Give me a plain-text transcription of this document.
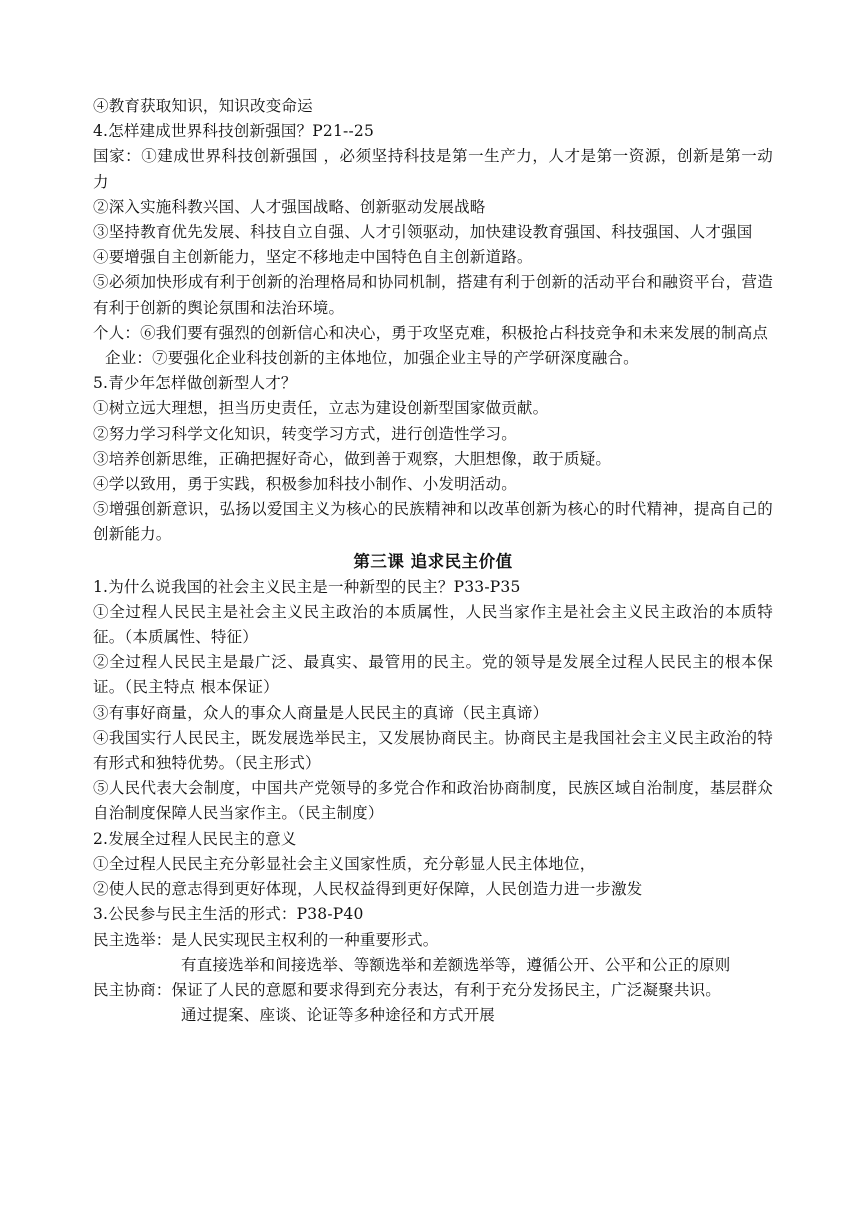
④教育获取知识，知识改变命运

4.怎样建成世界科技创新强国？P21--25

国家：①建成世界科技创新强国 ，必须坚持科技是第一生产力，人才是第一资源，创新是第一动力

②深入实施科教兴国、人才强国战略、创新驱动发展战略

③坚持教育优先发展、科技自立自强、人才引领驱动，加快建设教育强国、科技强国、人才强国

④要增强自主创新能力，坚定不移地走中国特色自主创新道路。

⑤必须加快形成有利于创新的治理格局和协同机制，搭建有利于创新的活动平台和融资平台，营造有利于创新的舆论氛围和法治环境。

个人：⑥我们要有强烈的创新信心和决心，勇于攻坚克难，积极抢占科技竞争和未来发展的制高点

企业：⑦要强化企业科技创新的主体地位，加强企业主导的产学研深度融合。

5.青少年怎样做创新型人才？

①树立远大理想，担当历史责任，立志为建设创新型国家做贡献。

②努力学习科学文化知识，转变学习方式，进行创造性学习。

③培养创新思维，正确把握好奇心，做到善于观察，大胆想像，敢于质疑。

④学以致用，勇于实践，积极参加科技小制作、小发明活动。

⑤增强创新意识，弘扬以爱国主义为核心的民族精神和以改革创新为核心的时代精神，提高自己的创新能力。

第三课 追求民主价值

1.为什么说我国的社会主义民主是一种新型的民主？P33-P35

①全过程人民民主是社会主义民主政治的本质属性，人民当家作主是社会主义民主政治的本质特征。（本质属性、特征）

②全过程人民民主是最广泛、最真实、最管用的民主。党的领导是发展全过程人民民主的根本保证。（民主特点 根本保证）

③有事好商量，众人的事众人商量是人民民主的真谛（民主真谛）

④我国实行人民民主，既发展选举民主，又发展协商民主。协商民主是我国社会主义民主政治的特有形式和独特优势。（民主形式）

⑤人民代表大会制度，中国共产党领导的多党合作和政治协商制度，民族区域自治制度，基层群众自治制度保障人民当家作主。（民主制度）

2.发展全过程人民民主的意义

①全过程人民民主充分彰显社会主义国家性质，充分彰显人民主体地位，

②使人民的意志得到更好体现，人民权益得到更好保障，人民创造力进一步激发

3.公民参与民主生活的形式：P38-P40

民主选举：是人民实现民主权利的一种重要形式。

有直接选举和间接选举、等额选举和差额选举等，遵循公开、公平和公正的原则

民主协商：保证了人民的意愿和要求得到充分表达，有利于充分发扬民主，广泛凝聚共识。

通过提案、座谈、论证等多种途径和方式开展
